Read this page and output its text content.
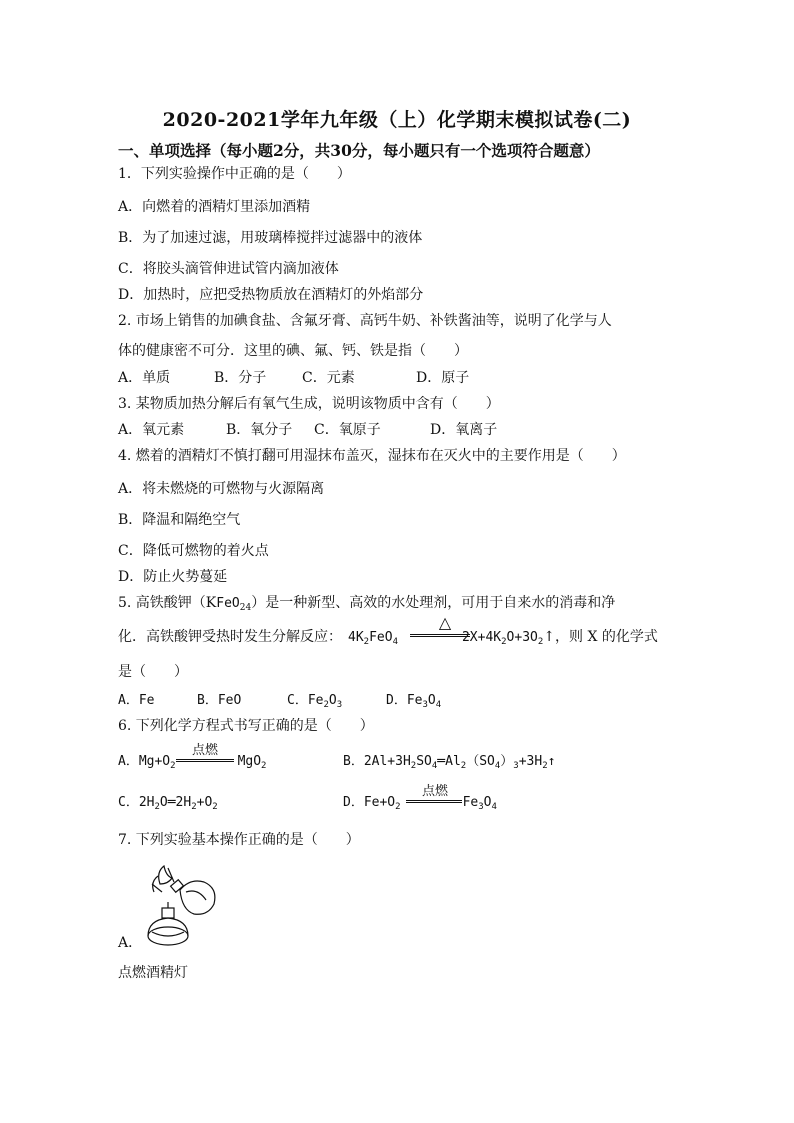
2020-2021学年九年级（上）化学期末模拟试卷(二)
一、单项选择（每小题2分，共30分，每小题只有一个选项符合题意）
1．下列实验操作中正确的是（　　）
A．向燃着的酒精灯里添加酒精
B．为了加速过滤，用玻璃棒搅拌过滤器中的液体
C．将胶头滴管伸进试管内滴加液体
D．加热时，应把受热物质放在酒精灯的外焰部分
2. 市场上销售的加碘食盐、含氟牙膏、高钙牛奶、补铁酱油等，说明了化学与人
体的健康密不可分．这里的碘、氟、钙、铁是指（　　）
A．单质	B．分子	C．元素	D．原子
3. 某物质加热分解后有氧气生成，说明该物质中含有（　　）
A．氧元素	B．氧分子 C．氧原子	D．氧离子
4. 燃着的酒精灯不慎打翻可用湿抹布盖灭，湿抹布在灭火中的主要作用是（　　）
A．将未燃烧的可燃物与火源隔离
B．降温和隔绝空气
C．降低可燃物的着火点
D．防止火势蔓延
5. 高铁酸钾（KFeO$_{24}$）是一种新型、高效的水处理剂，可用于自来水的消毒和净
化．高铁酸钾受热时发生分解反应： $4K_2FeO_4$	$2X+4K_2O+3O_2↑$，则 X 的化学式
△
是（　　）
A．Fe	B．FeO	C．$Fe_2O_3$	D．$Fe_3O_4$
6. 下列化学方程式书写正确的是（　　）
A．$Mg+O_2$	MgO$_2$
点燃
B．$2Al+3H_2SO_4═Al_2(SO_4)_3+3H_2↑$
C．$2H_2O═2H_2+O_2$	D．$Fe+O_2$	$Fe_3O_4$
点燃
7. 下列实验基本操作正确的是（　　）
A．
点燃酒精灯
